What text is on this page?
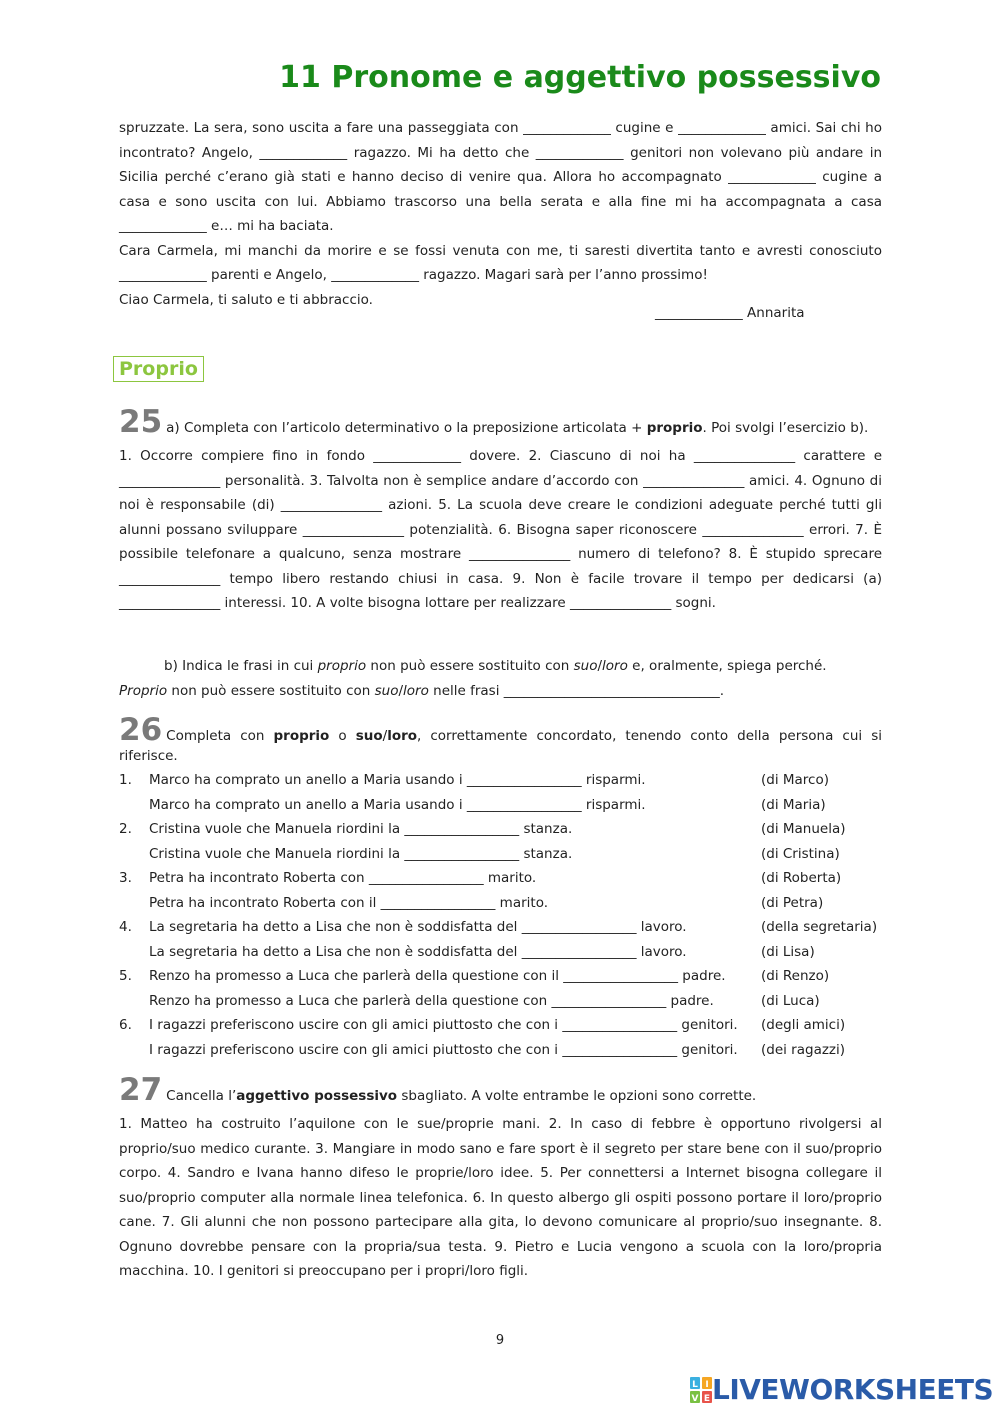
11 Pronome e aggettivo possessivo

spruzzate. La sera, sono uscita a fare una passeggiata con _____________ cugine e _____________ amici. Sai chi ho incontrato? Angelo, _____________ ragazzo. Mi ha detto che _____________ genitori non volevano più andare in Sicilia perché c’erano già stati e hanno deciso di venire qua. Allora ho accompagnato _____________ cugine a casa e sono uscita con lui. Abbiamo trascorso una bella serata e alla fine mi ha accompagnata a casa _____________ e… mi ha baciata.

Cara Carmela, mi manchi da morire e se fossi venuta con me, ti saresti divertita tanto e avresti conosciuto _____________ parenti e Angelo, _____________ ragazzo. Magari sarà per l’anno prossimo!

Ciao Carmela, ti saluto e ti abbraccio.

_____________ Annarita
Proprio
25 a) Completa con l’articolo determinativo o la preposizione articolata + proprio. Poi svolgi l’esercizio b).

1. Occorre compiere fino in fondo _____________ dovere. 2. Ciascuno di noi ha _______________ carattere e _______________ personalità. 3. Talvolta non è semplice andare d’accordo con _______________ amici. 4. Ognuno di noi è responsabile (di) _______________ azioni. 5. La scuola deve creare le condizioni adeguate perché tutti gli alunni possano sviluppare _______________ potenzialità. 6. Bisogna saper riconoscere _______________ errori. 7. È possibile telefonare a qualcuno, senza mostrare _______________ numero di telefono? 8. È stupido sprecare _______________ tempo libero restando chiusi in casa. 9. Non è facile trovare il tempo per dedicarsi (a) _______________ interessi. 10. A volte bisogna lottare per realizzare _______________ sogni.

b) Indica le frasi in cui proprio non può essere sostituito con suo/loro e, oralmente, spiega perché.

Proprio non può essere sostituito con suo/loro nelle frasi ________________________________.

26 Completa con proprio o suo/loro, correttamente concordato, tenendo conto della persona cui si riferisce.
1. Marco ha comprato un anello a Maria usando i _________________ risparmi.	(di Marco)
Marco ha comprato un anello a Maria usando i _________________ risparmi.	(di Maria)
2. Cristina vuole che Manuela riordini la _________________ stanza.	(di Manuela)
Cristina vuole che Manuela riordini la _________________ stanza.	(di Cristina)
3. Petra ha incontrato Roberta con _________________ marito.	(di Roberta)
Petra ha incontrato Roberta con il _________________ marito.	(di Petra)
4. La segretaria ha detto a Lisa che non è soddisfatta del _________________ lavoro.	(della segretaria)
La segretaria ha detto a Lisa che non è soddisfatta del _________________ lavoro.	(di Lisa)
5. Renzo ha promesso a Luca che parlerà della questione con il _________________ padre.	(di Renzo)
Renzo ha promesso a Luca che parlerà della questione con _________________ padre.	(di Luca)
6. I ragazzi preferiscono uscire con gli amici piuttosto che con i _________________ genitori. (degli amici)
I ragazzi preferiscono uscire con gli amici piuttosto che con i _________________ genitori. (dei ragazzi)
27 Cancella l’aggettivo possessivo sbagliato. A volte entrambe le opzioni sono corrette.

1. Matteo ha costruito l’aquilone con le sue/proprie mani. 2. In caso di febbre è opportuno rivolgersi al proprio/suo medico curante. 3. Mangiare in modo sano e fare sport è il segreto per stare bene con il suo/proprio corpo. 4. Sandro e Ivana hanno difeso le proprie/loro idee. 5. Per connettersi a Internet bisogna collegare il suo/proprio computer alla normale linea telefonica. 6. In questo albergo gli ospiti possono portare il loro/proprio cane. 7. Gli alunni che non possono partecipare alla gita, lo devono comunicare al proprio/suo insegnante. 8. Ognuno dovrebbe pensare con la propria/sua testa. 9. Pietro e Lucia vengono a scuola con la loro/propria macchina. 10. I genitori si preoccupano per i propri/loro figli.

9
L I
V E LIVEWORKSHEETS
